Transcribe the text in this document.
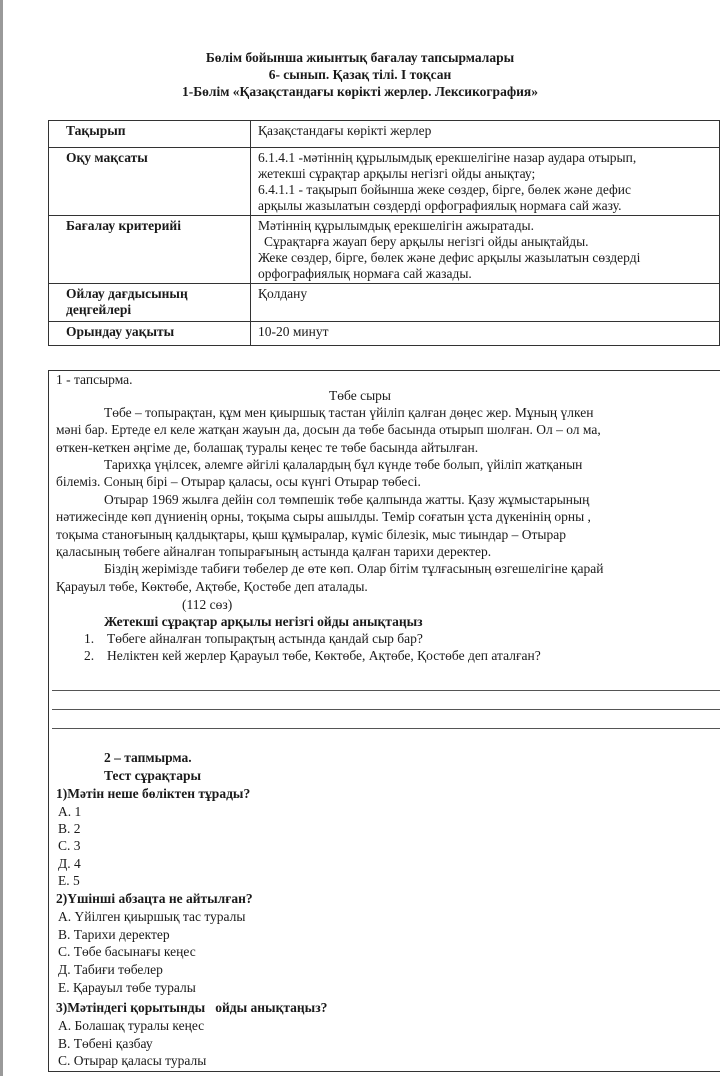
Бөлім бойынша жиынтық бағалау тапсырмалары
6- сынып. Қазақ тілі. І тоқсан
1-Бөлім «Қазақстандағы көрікті жерлер. Лексикография»
Тақырып	Қазақстандағы көрікті жерлер
Оқу мақсаты	6.1.4.1 -мәтіннің құрылымдық ерекшелігіне назар аудара отырып,
жетекші сұрақтар арқылы негізгі ойды анықтау;
6.4.1.1 - тақырып бойынша жеке сөздер, бірге, бөлек және дефис
арқылы жазылатын сөздерді орфографиялық нормаға сай жазу.

Бағалау критерийі	Мәтіннің құрылымдық ерекшелігін ажыратады.
Сұрақтарға жауап беру арқылы негізгі ойды анықтайды.
Жеке сөздер, бірге, бөлек және дефис арқылы жазылатын сөздерді
орфографиялық нормаға сай жазады.

Ойлау дағдысының
деңгейлері	Қолдану
Орындау уақыты	10-20 минут
1 - тапсырма.
Төбе сыры
Төбе – топырақтан, құм мен қиыршық тастан үйіліп қалған дөңес жер. Мұның үлкен
мәні бар. Ертеде ел келе жатқан жауын да, досын да төбе басында отырып шолған. Ол – ол ма,
өткен-кеткен әңгіме де, болашақ туралы кеңес те төбе басында айтылған.
Тарихқа үңілсек, әлемге әйгілі қалалардың бұл күнде төбе болып, үйіліп жатқанын
білеміз. Соның бірі – Отырар қаласы, осы күнгі Отырар төбесі.
Отырар 1969 жылға дейін сол төмпешік төбе қалпында жатты. Қазу жұмыстарының
нәтижесінде көп дүниенің орны, тоқыма сыры ашылды. Темір соғатын ұста дүкенінің орны ,
тоқыма станоғының қалдықтары, қыш құмыралар, күміс білезік, мыс тиындар – Отырар
қаласының төбеге айналған топырағының астында қалған тарихи деректер.
Біздің жерімізде табиғи төбелер де өте көп. Олар бітім тұлғасының өзгешелігіне қарай
Қарауыл төбе, Көктөбе, Ақтөбе, Қостөбе деп аталады.
(112 сөз)
Жетекші сұрақтар арқылы негізгі ойды анықтаңыз
1. Төбеге айналған топырақтың астында қандай сыр бар?
2. Неліктен кей жерлер Қарауыл төбе, Көктөбе, Ақтөбе, Қостөбе деп аталған?
2 – тапмырма.
Тест сұрақтары
1)Мәтін неше бөліктен тұрады?
A. 1
B. 2
C. 3
Д. 4
E. 5
2)Үшінші абзацта не айтылған?
A. Үйілген қиыршық тас туралы
B. Тарихи деректер
C. Төбе басынағы кеңес
Д. Табиғи төбелер
E. Қарауыл төбе туралы
3)Мәтіндегі қорытынды   ойды анықтаңыз?
A. Болашақ туралы кеңес
B. Төбені қазбау
C. Отырар қаласы туралы
